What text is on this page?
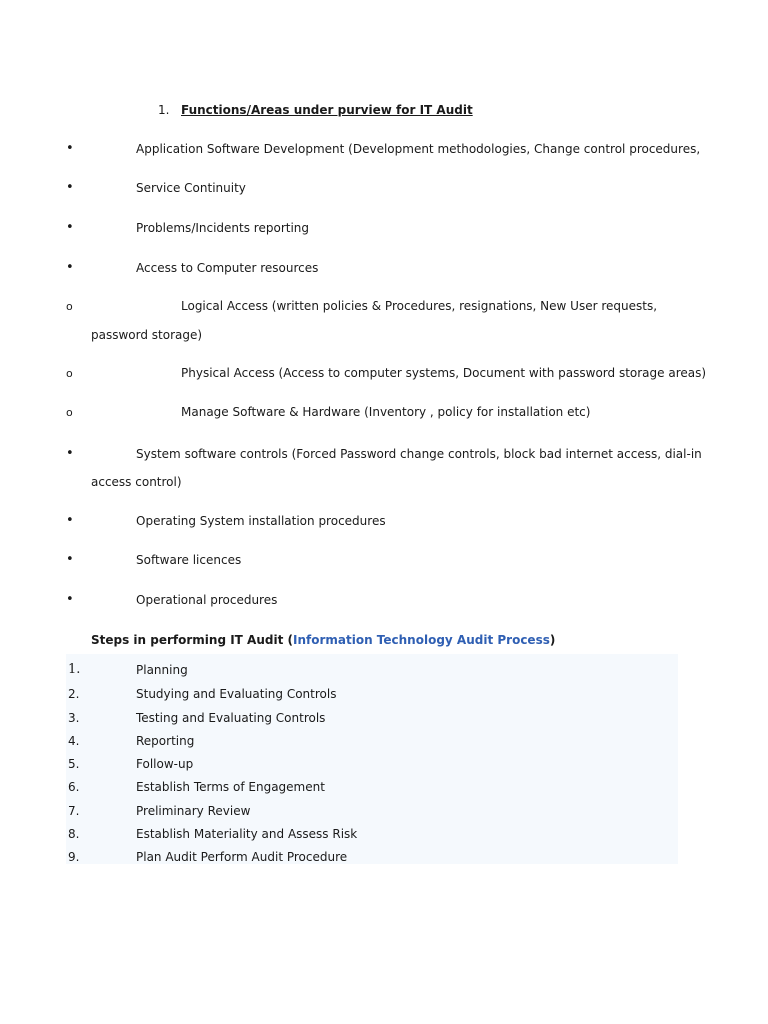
1. Functions/Areas under purview for IT Audit
•	Application Software Development (Development methodologies, Change control procedures,
•	Service Continuity
•	Problems/Incidents reporting
•	Access to Computer resources
o	Logical Access (written policies & Procedures, resignations, New User requests,
password storage)
o	Physical Access (Access to computer systems, Document with password storage areas)
o	Manage Software & Hardware (Inventory , policy for installation etc)
•	System software controls (Forced Password change controls, block bad internet access, dial-in
access control)
•	Operating System installation procedures
•	Software licences
•	Operational procedures
Steps in performing IT Audit (Information Technology Audit Process)
1.	Planning
2.	Studying and Evaluating Controls
3.	Testing and Evaluating Controls
4.	Reporting
5.	Follow-up
6.	Establish Terms of Engagement
7.	Preliminary Review
8.	Establish Materiality and Assess Risk
9.	Plan Audit Perform Audit Procedure
